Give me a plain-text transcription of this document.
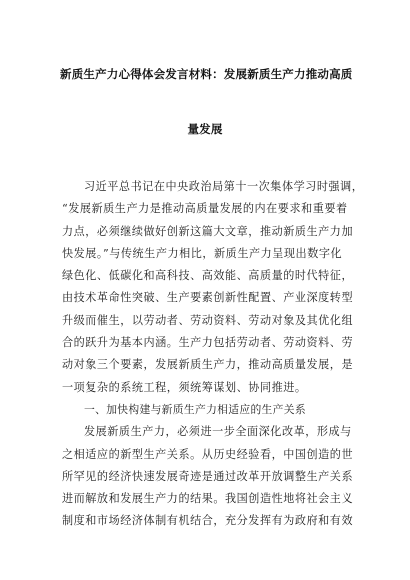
新质生产力心得体会发言材料：发展新质生产力推动高质
量发展
习近平总书记在中央政治局第十一次集体学习时强调，
“发展新质生产力是推动高质量发展的内在要求和重要着
力点，必须继续做好创新这篇大文章，推动新质生产力加
快发展。”与传统生产力相比，新质生产力呈现出数字化
绿色化、低碳化和高科技、高效能、高质量的时代特征，
由技术革命性突破、生产要素创新性配置、产业深度转型
升级而催生，以劳动者、劳动资料、劳动对象及其优化组
合的跃升为基本内涵。生产力包括劳动者、劳动资料、劳
动对象三个要素，发展新质生产力，推动高质量发展，是
一项复杂的系统工程，须统筹谋划、协同推进。
一、加快构建与新质生产力相适应的生产关系
发展新质生产力，必须进一步全面深化改革，形成与
之相适应的新型生产关系。从历史经验看，中国创造的世
所罕见的经济快速发展奇迹是通过改革开放调整生产关系
进而解放和发展生产力的结果。我国创造性地将社会主义
制度和市场经济体制有机结合，充分发挥有为政府和有效
